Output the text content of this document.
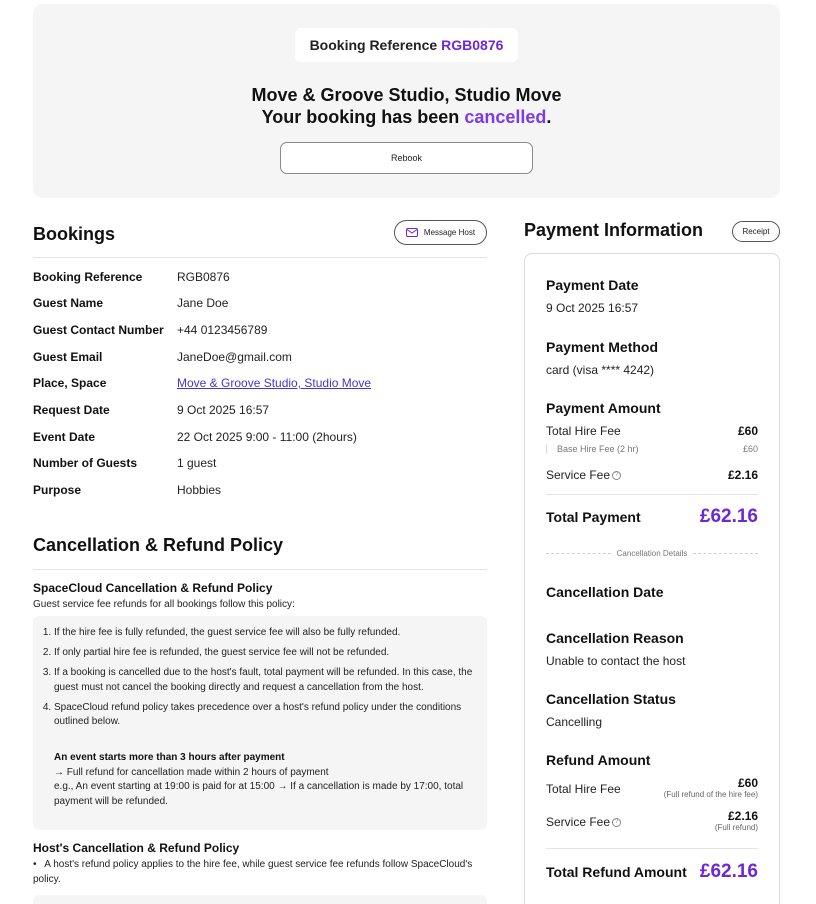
Booking Reference RGB0876
Move & Groove Studio, Studio Move
Your booking has been cancelled.
Rebook
Bookings	Message Host
Booking Reference	RGB0876
Guest Name	Jane Doe
Guest Contact Number +44 0123456789
Guest Email	JaneDoe@gmail.com
Place, Space	Move & Groove Studio, Studio Move
Request Date	9 Oct 2025 16:57
Event Date	22 Oct 2025 9:00 - 11:00 (2hours)
Number of Guests	1 guest
Purpose	Hobbies
Cancellation & Refund Policy
SpaceCloud Cancellation & Refund Policy
Guest service fee refunds for all bookings follow this policy:
1. If the hire fee is fully refunded, the guest service fee will also be fully refunded.
2. If only partial hire fee is refunded, the guest service fee will not be refunded.
3. If a booking is cancelled due to the host's fault, total payment will be refunded. In this case, the guest must not cancel the booking directly and request a cancellation from the host.
4. SpaceCloud refund policy takes precedence over a host's refund policy under the conditions outlined below.
An event starts more than 3 hours after payment
→ Full refund for cancellation made within 2 hours of payment
e.g., An event starting at 19:00 is paid for at 15:00 → If a cancellation is made by 17:00, total payment will be refunded.
Host's Cancellation & Refund Policy
•   A host's refund policy applies to the hire fee, while guest service fee refunds follow SpaceCloud's policy.
Payment Information	Receipt
Payment Date
9 Oct 2025 16:57
Payment Method
card (visa **** 4242)
Payment Amount
Total Hire Fee	£60
Base Hire Fee (2 hr)	£60
Service Fee ?	£2.16
Total Payment	£62.16
Cancellation Details
Cancellation Date
Cancellation Reason
Unable to contact the host
Cancellation Status
Cancelling
Refund Amount
Total Hire Fee	£60
(Full refund of the hire fee)
Service Fee ?	£2.16
(Full refund)
Total Refund Amount £62.16
